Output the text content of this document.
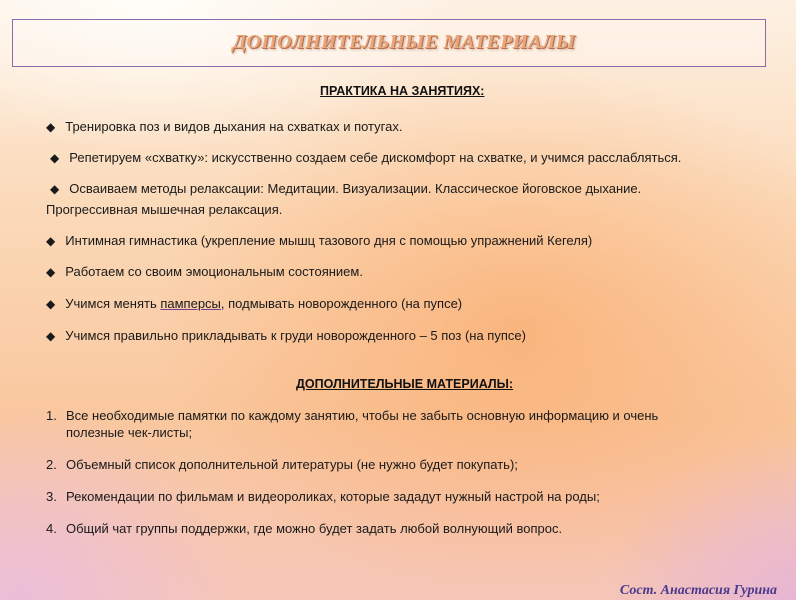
ДОПОЛНИТЕЛЬНЫЕ МАТЕРИАЛЫ
ПРАКТИКА НА ЗАНЯТИЯХ:
◆ Тренировка поз и видов дыхания на схватках и потугах.
◆ Репетируем «схватку»: искусственно создаем себе дискомфорт на схватке, и учимся расслабляться.
◆ Осваиваем методы релаксации: Медитации. Визуализации. Классическое йоговское дыхание.
Прогрессивная мышечная релаксация.
◆ Интимная гимнастика (укрепление мышц тазового дня с помощью упражнений Кегеля)
◆ Работаем со своим эмоциональным состоянием.
◆ Учимся менять памперсы, подмывать новорожденного (на пупсе)
◆ Учимся правильно прикладывать к груди новорожденного – 5 поз (на пупсе)
ДОПОЛНИТЕЛЬНЫЕ МАТЕРИАЛЫ:
1. Все необходимые памятки по каждому занятию, чтобы не забыть основную информацию и очень
полезные чек-листы;
2. Объемный список дополнительной литературы (не нужно будет покупать);
3. Рекомендации по фильмам и видеороликах, которые зададут нужный настрой на роды;
4. Общий чат группы поддержки, где можно будет задать любой волнующий вопрос.
Сост. Анастасия Гурина
